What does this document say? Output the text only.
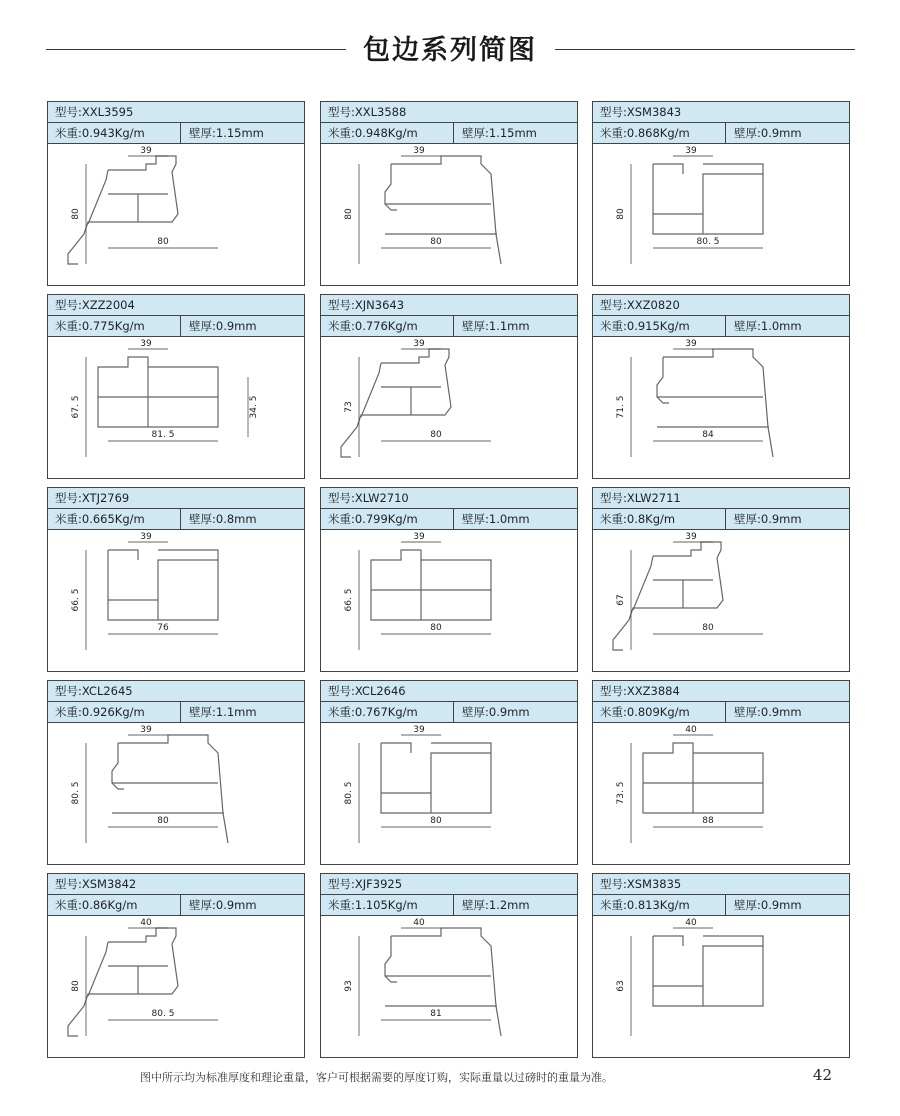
包边系列简图
型号:XXL3595
米重:0.943Kg/m	壁厚:1.15mm
39
80
80
型号:XXL3588
米重:0.948Kg/m	壁厚:1.15mm
39
80
80
型号:XSM3843
米重:0.868Kg/m	壁厚:0.9mm
39
80
80. 5
型号:XZZ2004
米重:0.775Kg/m	壁厚:0.9mm
39
67. 5
81. 5
34. 5
型号:XJN3643
米重:0.776Kg/m	壁厚:1.1mm
39
73
80
型号:XXZ0820
米重:0.915Kg/m	壁厚:1.0mm
39
71. 5
84
型号:XTJ2769
米重:0.665Kg/m	壁厚:0.8mm
39
66. 5
76
型号:XLW2710
米重:0.799Kg/m	壁厚:1.0mm
39
66. 5
80
型号:XLW2711
米重:0.8Kg/m	壁厚:0.9mm
39
67
80
型号:XCL2645
米重:0.926Kg/m	壁厚:1.1mm
39
80. 5
80
型号:XCL2646
米重:0.767Kg/m	壁厚:0.9mm
39
80. 5
80
型号:XXZ3884
米重:0.809Kg/m	壁厚:0.9mm
40
73. 5
88
型号:XSM3842
米重:0.86Kg/m	壁厚:0.9mm
40
80
80. 5
型号:XJF3925
米重:1.105Kg/m	壁厚:1.2mm
40
93
81
型号:XSM3835
米重:0.813Kg/m	壁厚:0.9mm
40
63
图中所示均为标准厚度和理论重量，客户可根据需要的厚度订购，实际重量以过磅时的重量为准。	42
